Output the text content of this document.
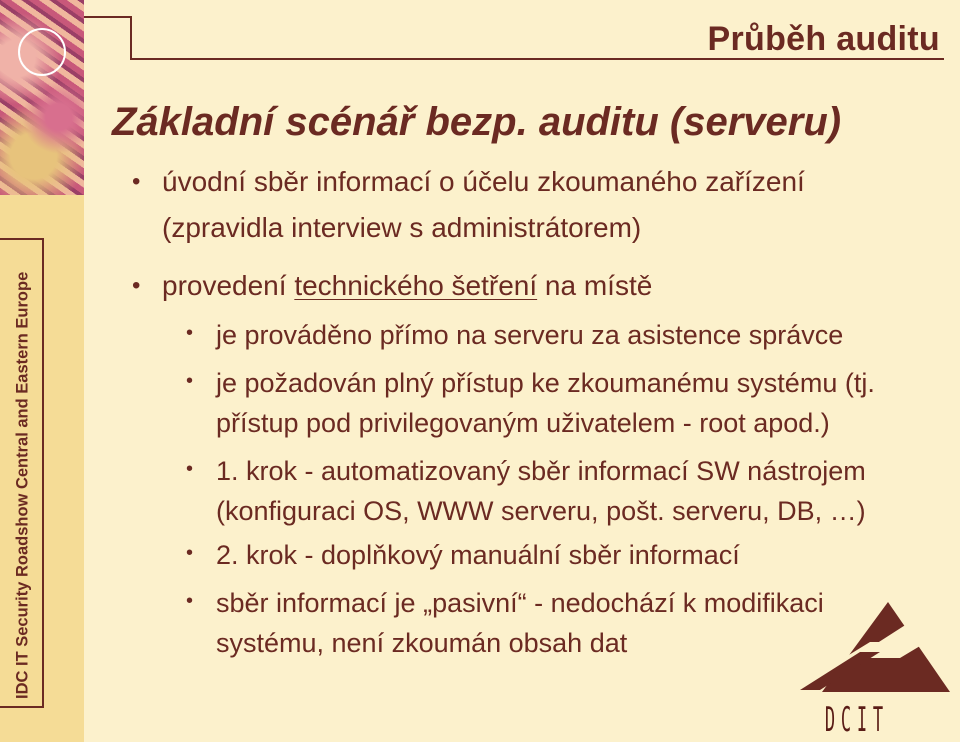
IDC IT Security Roadshow Central and Eastern Europe
Průběh auditu
Základní scénář bezp. auditu (serveru)
• úvodní sběr informací o účelu zkoumaného zařízení
(zpravidla interview s administrátorem)
• provedení technického šetření na místě
• je prováděno přímo na serveru za asistence správce
• je požadován plný přístup ke zkoumanému systému (tj.
přístup pod privilegovaným uživatelem - root apod.)
• 1. krok - automatizovaný sběr informací SW nástrojem
(konfiguraci OS, WWW serveru, pošt. serveru, DB, …)
• 2. krok - doplňkový manuální sběr informací
• sběr informací je „pasivní“ - nedochází k modifikaci
systému, není zkoumán obsah dat
D C I T
